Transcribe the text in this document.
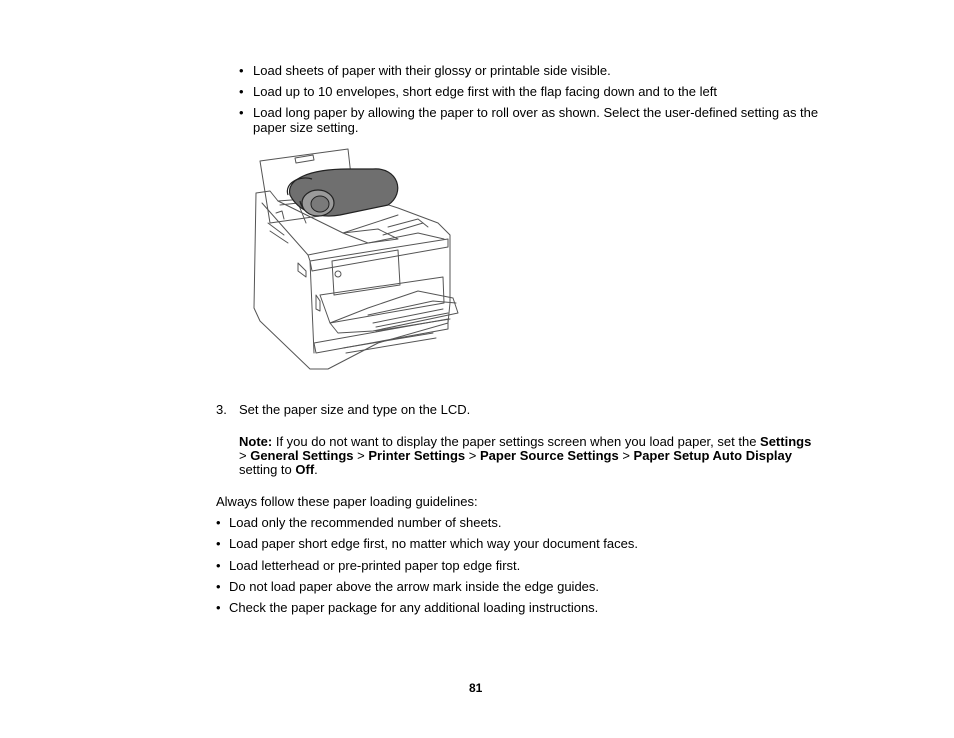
• Load sheets of paper with their glossy or printable side visible.
• Load up to 10 envelopes, short edge first with the flap facing down and to the left
• Load long paper by allowing the paper to roll over as shown. Select the user-defined setting as the
paper size setting.
3. Set the paper size and type on the LCD.
Note: If you do not want to display the paper settings screen when you load paper, set the Settings
> General Settings > Printer Settings > Paper Source Settings > Paper Setup Auto Display
setting to Off.
Always follow these paper loading guidelines:
• Load only the recommended number of sheets.
• Load paper short edge first, no matter which way your document faces.
• Load letterhead or pre-printed paper top edge first.
• Do not load paper above the arrow mark inside the edge guides.
• Check the paper package for any additional loading instructions.
81
